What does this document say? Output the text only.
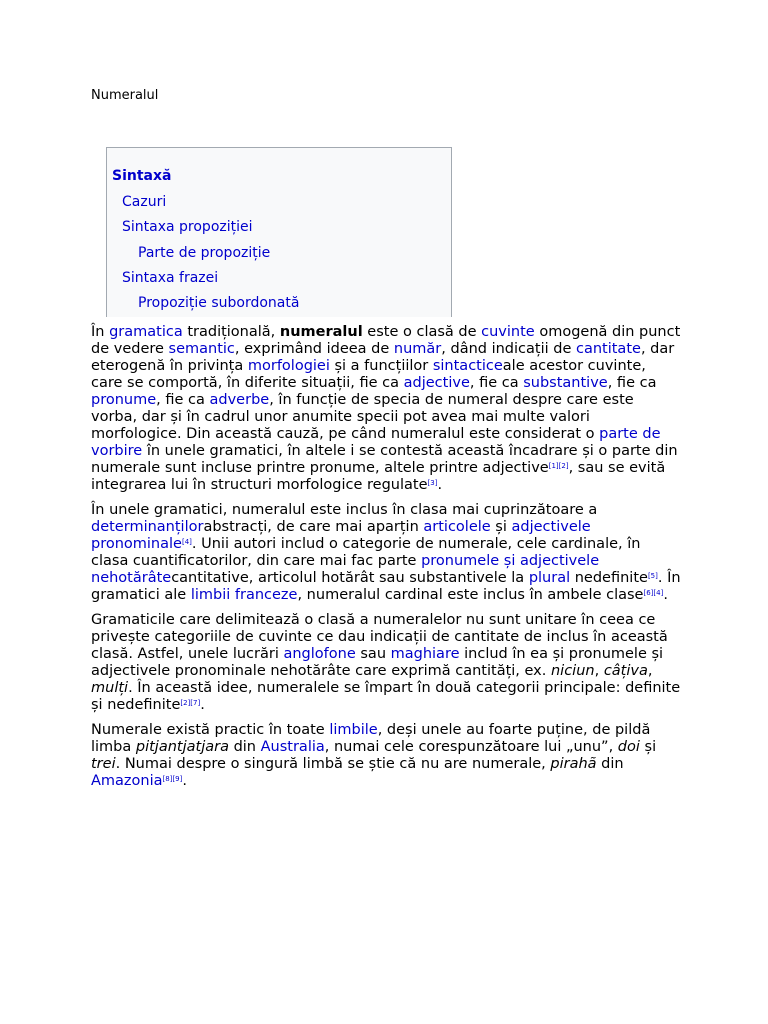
Numeralul
Sintaxă
Cazuri
Sintaxa propoziției
Parte de propoziție
Sintaxa frazei
Propoziție subordonată

În gramatica tradițională, numeralul este o clasă de cuvinte omogenă din punct de vedere semantic, exprimând ideea de număr, dând indicații de cantitate, dar eterogenă în privința morfologiei și a funcțiilor sintacticeale acestor cuvinte, care se comportă, în diferite situații, fie ca adjective, fie ca substantive, fie ca pronume, fie ca adverbe, în funcție de specia de numeral despre care este vorba, dar și în cadrul unor anumite specii pot avea mai multe valori morfologice. Din această cauză, pe când numeralul este considerat o parte de vorbire în unele gramatici, în altele i se contestă această încadrare și o parte din numerale sunt incluse printre pronume, altele printre adjective[1][2], sau se evită integrarea lui în structuri morfologice regulate[3].

În unele gramatici, numeralul este inclus în clasa mai cuprinzătoare a determinanțilorabstracți, de care mai aparțin articolele și adjectivele pronominale[4]. Unii autori includ o categorie de numerale, cele cardinale, în clasa cuantificatorilor, din care mai fac parte pronumele și adjectivele nehotărâtecantitative, articolul hotărât sau substantivele la plural nedefinite[5]. În gramatici ale limbii franceze, numeralul cardinal este inclus în ambele clase[6][4].

Gramaticile care delimitează o clasă a numeralelor nu sunt unitare în ceea ce privește categoriile de cuvinte ce dau indicații de cantitate de inclus în această clasă. Astfel, unele lucrări anglofone sau maghiare includ în ea și pronumele și adjectivele pronominale nehotărâte care exprimă cantități, ex. niciun, câțiva, mulți. În această idee, numeralele se împart în două categorii principale: definite și nedefinite[2][7].

Numerale există practic în toate limbile, deși unele au foarte puține, de pildă limba pitjantjatjara din Australia, numai cele corespunzătoare lui „unu”, doi și trei. Numai despre o singură limbă se știe că nu are numerale, pirahã din Amazonia[8][9].
